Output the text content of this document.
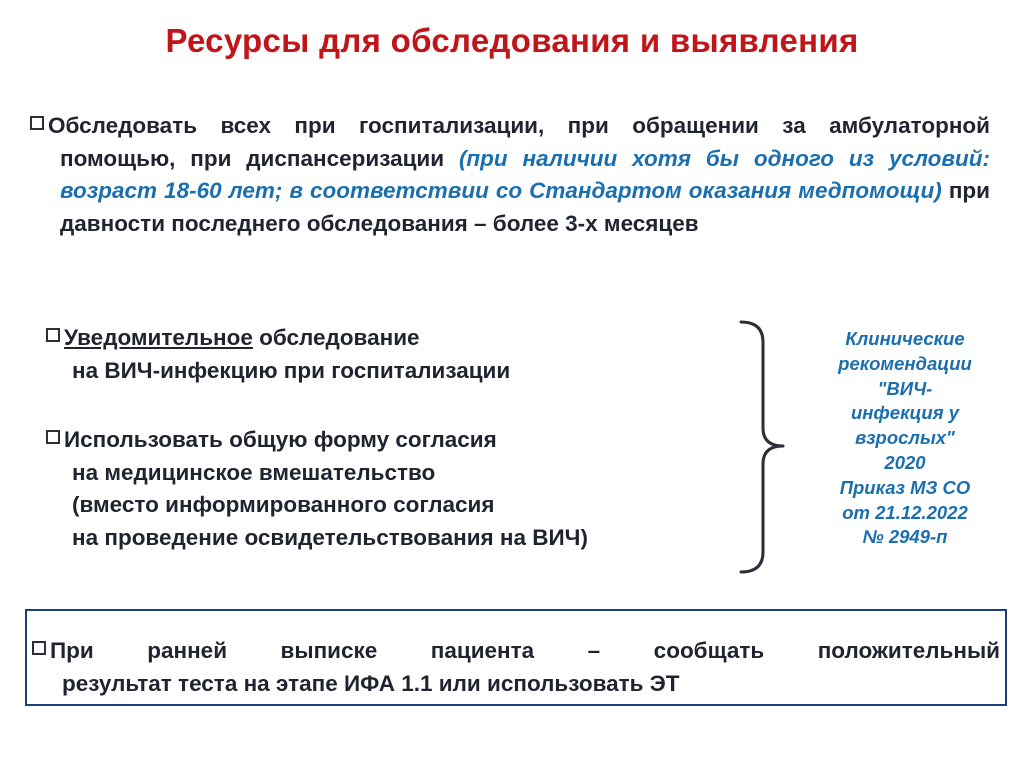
Ресурсы для обследования и выявления
Обследовать всех при госпитализации, при обращении за амбулаторной помощью, при диспансеризации (при наличии хотя бы одного из условий: возраст 18-60 лет; в соответствии со Стандартом оказания медпомощи) при давности последнего обследования – более 3-х месяцев
Уведомительное обследование
на ВИЧ-инфекцию при госпитализации
Использовать общую форму согласия
на медицинское вмешательство
(вместо информированного согласия
на проведение освидетельствования на ВИЧ)
Клинические
рекомендации
"ВИЧ-
инфекция у
взрослых"
2020
Приказ МЗ СО
от 21.12.2022
№ 2949-п
При ранней выписке пациента – сообщать положительный
результат теста на этапе ИФА 1.1 или использовать ЭТ
